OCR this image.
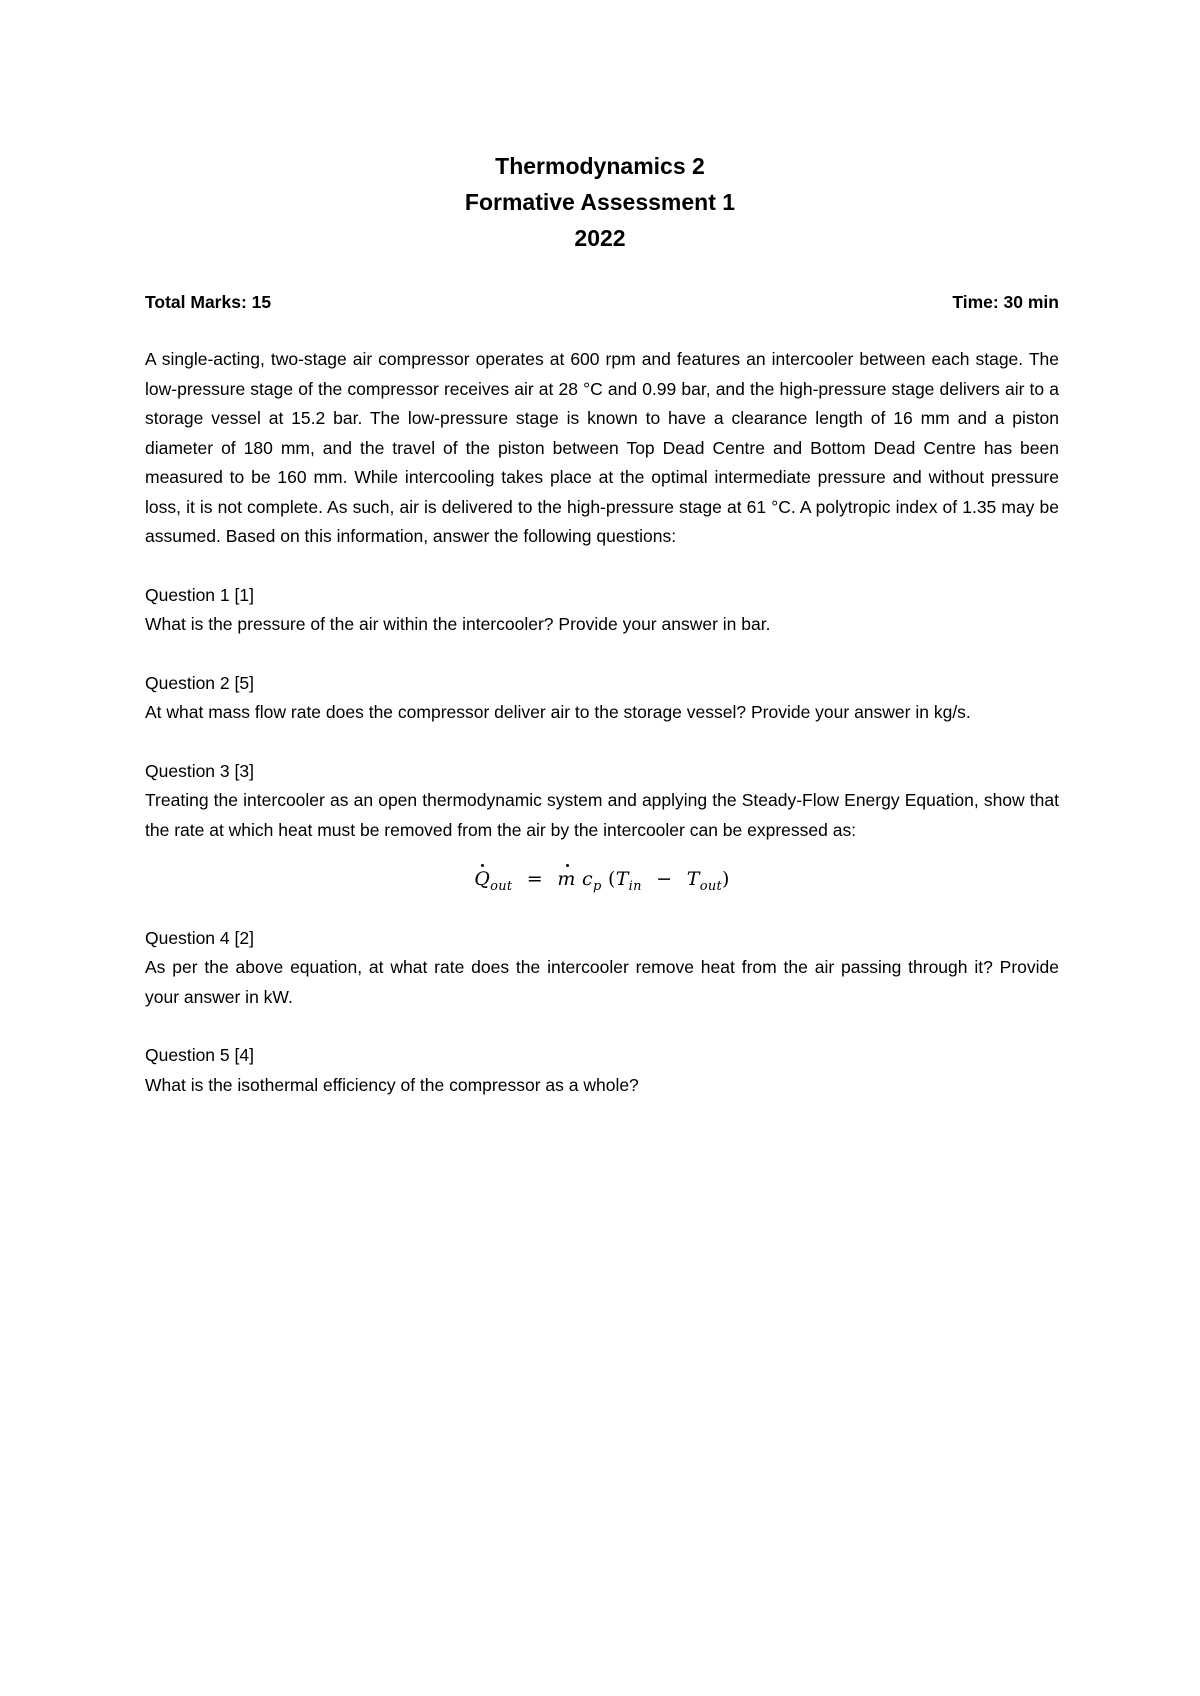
Thermodynamics 2

Formative Assessment 1

2022

Total Marks: 15	Time: 30 min

A single-acting, two-stage air compressor operates at 600 rpm and features an intercooler between each stage. The low-pressure stage of the compressor receives air at 28 °C and 0.99 bar, and the high-pressure stage delivers air to a storage vessel at 15.2 bar. The low-pressure stage is known to have a clearance length of 16 mm and a piston diameter of 180 mm, and the travel of the piston between Top Dead Centre and Bottom Dead Centre has been measured to be 160 mm. While intercooling takes place at the optimal intermediate pressure and without pressure loss, it is not complete. As such, air is delivered to the high-pressure stage at 61 °C. A polytropic index of 1.35 may be assumed. Based on this information, answer the following questions:

Question 1 [1]

What is the pressure of the air within the intercooler? Provide your answer in bar.

Question 2 [5]

At what mass flow rate does the compressor deliver air to the storage vessel? Provide your answer in kg/s.

Question 3 [3]

Treating the intercooler as an open thermodynamic system and applying the Steady-Flow Energy Equation, show that the rate at which heat must be removed from the air by the intercooler can be expressed as:

$Q_{out} = m$ $c_p$ $(T_{in} - T_{out})$
Question 4 [2]

As per the above equation, at what rate does the intercooler remove heat from the air passing through it? Provide your answer in kW.

Question 5 [4]

What is the isothermal efficiency of the compressor as a whole?
